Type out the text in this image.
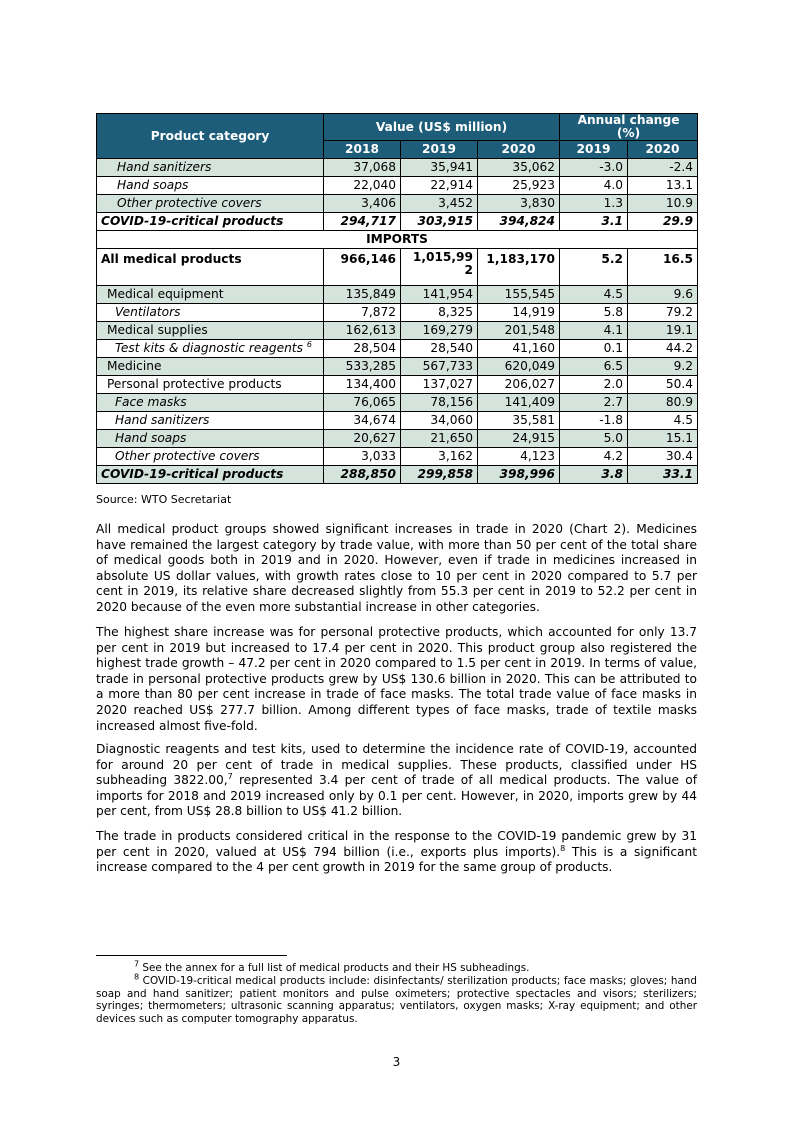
Product category	Value (US$ million)			Annual change (%)	
	2018	2019	2020	2019	2020
Hand sanitizers	37,068	35,941	35,062	-3.0	-2.4
Hand soaps	22,040	22,914	25,923	4.0	13.1
Other protective covers	3,406	3,452	3,830	1.3	10.9
COVID-19-critical products	294,717	303,915	394,824	3.1	29.9
IMPORTS					
All medical products	966,146	1,015,992	1,183,170	5.2	16.5
Medical equipment	135,849	141,954	155,545	4.5	9.6
Ventilators	7,872	8,325	14,919	5.8	79.2
Medical supplies	162,613	169,279	201,548	4.1	19.1
Test kits & diagnostic reagents $^6$	28,504	28,540	41,160	0.1	44.2
Medicine	533,285	567,733	620,049	6.5	9.2
Personal protective products	134,400	137,027	206,027	2.0	50.4
Face masks	76,065	78,156	141,409	2.7	80.9
Hand sanitizers	34,674	34,060	35,581	-1.8	4.5
Hand soaps	20,627	21,650	24,915	5.0	15.1
Other protective covers	3,033	3,162	4,123	4.2	30.4
COVID-19-critical products	288,850	299,858	398,996	3.8	33.1
Source: WTO Secretariat

All medical product groups showed significant increases in trade in 2020 (Chart 2). Medicines have remained the largest category by trade value, with more than 50 per cent of the total share of medical goods both in 2019 and in 2020. However, even if trade in medicines increased in absolute US dollar values, with growth rates close to 10 per cent in 2020 compared to 5.7 per cent in 2019, its relative share decreased slightly from 55.3 per cent in 2019 to 52.2 per cent in 2020 because of the even more substantial increase in other categories.

The highest share increase was for personal protective products, which accounted for only 13.7 per cent in 2019 but increased to 17.4 per cent in 2020. This product group also registered the highest trade growth – 47.2 per cent in 2020 compared to 1.5 per cent in 2019. In terms of value, trade in personal protective products grew by US$ 130.6 billion in 2020. This can be attributed to a more than 80 per cent increase in trade of face masks. The total trade value of face masks in 2020 reached US$ 277.7 billion. Among different types of face masks, trade of textile masks increased almost five-fold.

Diagnostic reagents and test kits, used to determine the incidence rate of COVID-19, accounted for around 20 per cent of trade in medical supplies. These products, classified under HS subheading 3822.00,$^7$ represented 3.4 per cent of trade of all medical products. The value of imports for 2018 and 2019 increased only by 0.1 per cent. However, in 2020, imports grew by 44 per cent, from US$ 28.8 billion to US$ 41.2 billion.

The trade in products considered critical in the response to the COVID-19 pandemic grew by 31 per cent in 2020, valued at US$ 794 billion (i.e., exports plus imports).$^8$ This is a significant increase compared to the 4 per cent growth in 2019 for the same group of products.

$^7$ See the annex for a full list of medical products and their HS subheadings.

$^8$ COVID-19-critical medical products include: disinfectants/ sterilization products; face masks; gloves; hand soap and hand sanitizer; patient monitors and pulse oximeters; protective spectacles and visors; sterilizers; syringes; thermometers; ultrasonic scanning apparatus; ventilators, oxygen masks; X-ray equipment; and other devices such as computer tomography apparatus.

3
